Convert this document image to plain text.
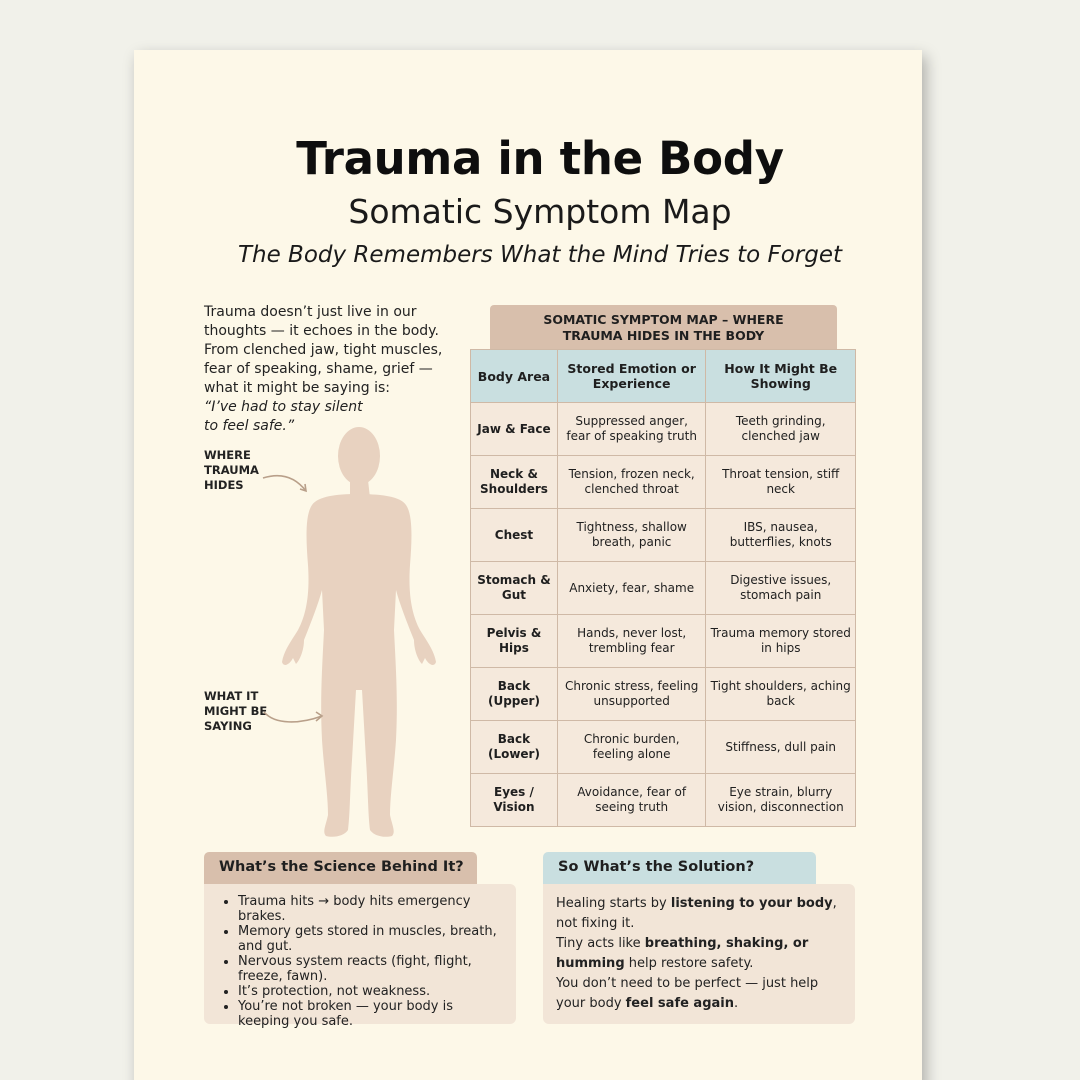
Trauma in the Body
Somatic Symptom Map
The Body Remembers What the Mind Tries to Forget
Trauma doesn’t just live in our thoughts — it echoes in the body. From clenched jaw, tight muscles, fear of speaking, shame, grief — what it might be saying is:
“I’ve had to stay silent to feel safe.”
WHERE
TRAUMA
HIDES
WHAT IT
MIGHT BE
SAYING
SOMATIC SYMPTOM MAP – WHERE
TRAUMA HIDES IN THE BODY
Body Area	Stored Emotion or Experience	How It Might Be Showing
Jaw & Face	Suppressed anger, fear of speaking truth	Teeth grinding, clenched jaw
Neck & Shoulders	Tension, frozen neck, clenched throat	Throat tension, stiff neck
Chest	Tightness, shallow breath, panic	IBS, nausea, butterflies, knots
Stomach & Gut	Anxiety, fear, shame	Digestive issues, stomach pain
Pelvis & Hips	Hands, never lost, trembling fear	Trauma memory stored in hips
Back (Upper)	Chronic stress, feeling unsupported	Tight shoulders, aching back
Back (Lower)	Chronic burden, feeling alone	Stiffness, dull pain
Eyes / Vision	Avoidance, fear of seeing truth	Eye strain, blurry vision, disconnection
What’s the Science Behind It?
• Trauma hits → body hits emergency brakes.
• Memory gets stored in muscles, breath, and gut.
• Nervous system reacts (fight, flight, freeze, fawn).
• It’s protection, not weakness.
• You’re not broken — your body is keeping you safe.
So What’s the Solution?

Healing starts by listening to your body, not fixing it.

Tiny acts like breathing, shaking, or humming help restore safety.

You don’t need to be perfect — just help your body feel safe again.
